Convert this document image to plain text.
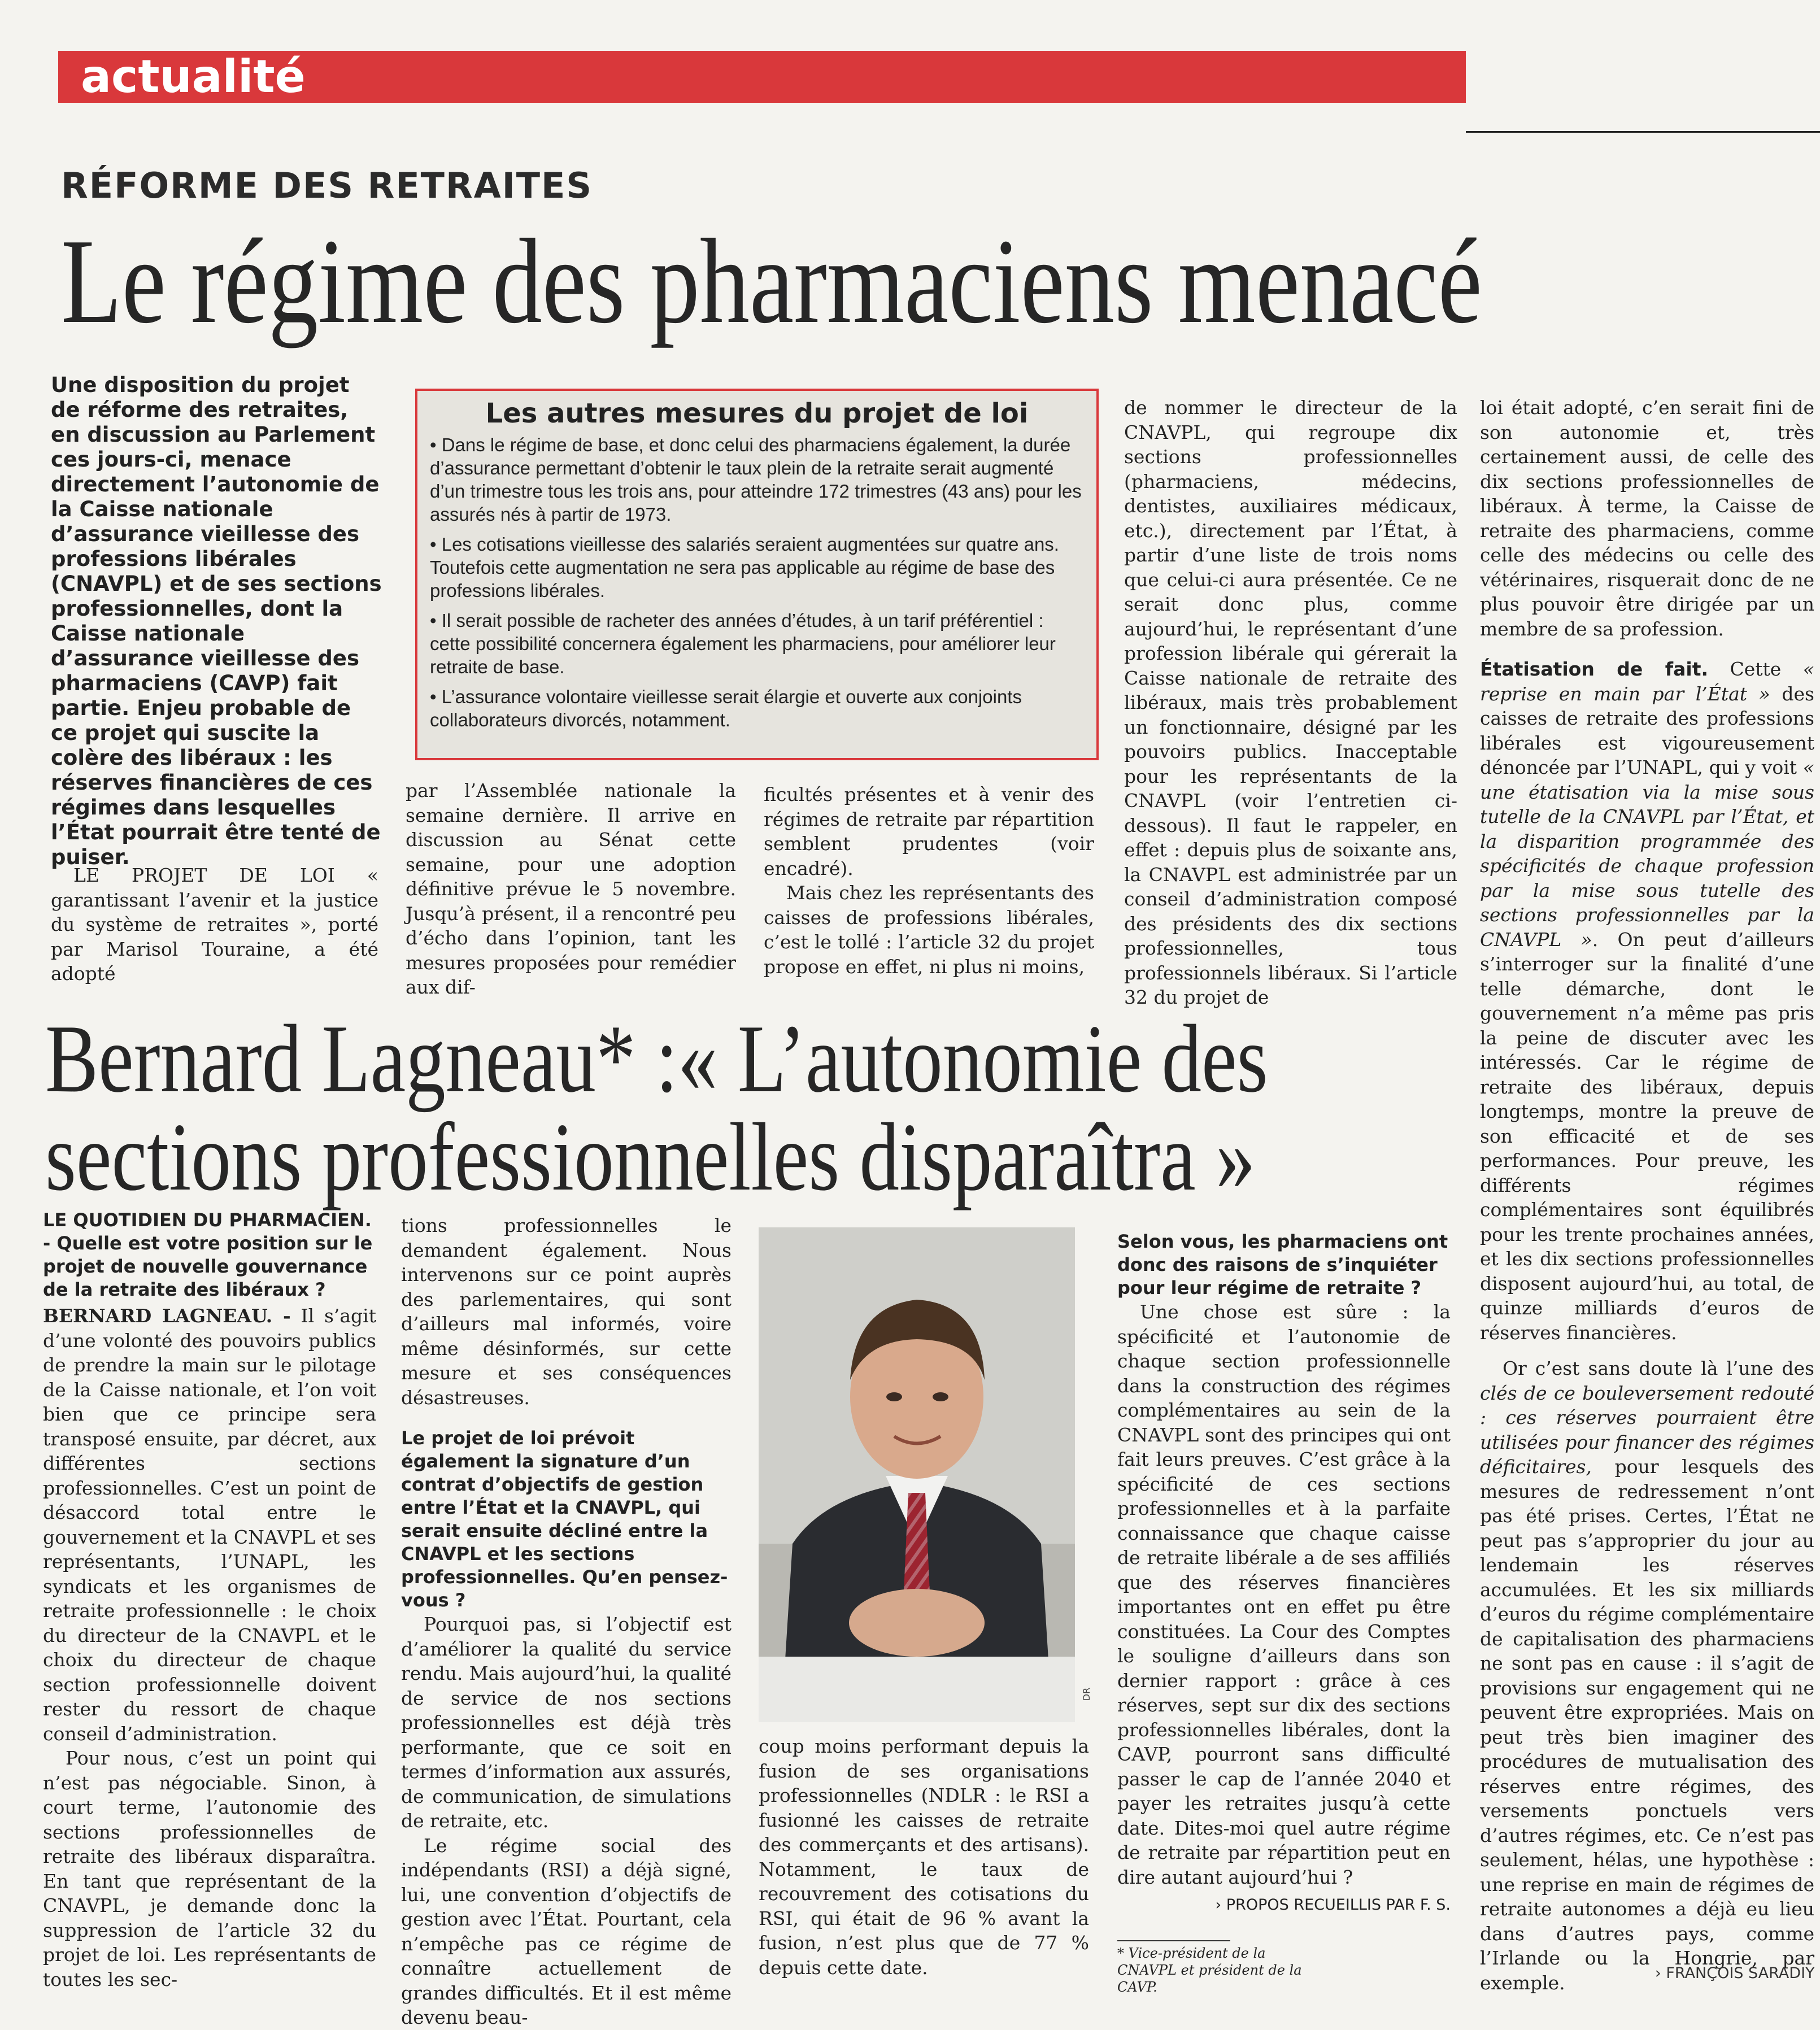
actualité
RÉFORME DES RETRAITES
Le régime des pharmaciens menacé
Une disposition du projet de réforme des retraites, en discussion au Parlement ces jours-ci, menace directement l’autonomie de la Caisse nationale d’assurance vieillesse des professions libérales (CNAVPL) et de ses sections professionnelles, dont la Caisse nationale d’assurance vieillesse des pharmaciens (CAVP) fait partie. Enjeu probable de ce projet qui suscite la colère des libéraux : les réserves financières de ces régimes dans lesquelles l’État pourrait être tenté de puiser.
Les autres mesures du projet de loi
• Dans le régime de base, et donc celui des pharmaciens également, la durée d’assurance permettant d’obtenir le taux plein de la retraite serait augmenté d’un trimestre tous les trois ans, pour atteindre 172 trimestres (43 ans) pour les assurés nés à partir de 1973.
• Les cotisations vieillesse des salariés seraient augmentées sur quatre ans. Toutefois cette augmentation ne sera pas applicable au régime de base des professions libérales.
• Il serait possible de racheter des années d’études, à un tarif préférentiel : cette possibilité concernera également les pharmaciens, pour améliorer leur retraite de base.
• L’assurance volontaire vieillesse serait élargie et ouverte aux conjoints collaborateurs divorcés, notamment.

LE PROJET DE LOI « garantissant l’avenir et la justice du système de retraites », porté par Marisol Touraine, a été adopté

par l’Assemblée nationale la semaine dernière. Il arrive en discussion au Sénat cette semaine, pour une adoption définitive prévue le 5 novembre. Jusqu’à présent, il a rencontré peu d’écho dans l’opinion, tant les mesures proposées pour remédier aux dif-

ficultés présentes et à venir des régimes de retraite par répartition semblent prudentes (voir encadré).

Mais chez les représentants des caisses de professions libérales, c’est le tollé : l’article 32 du projet propose en effet, ni plus ni moins,

de nommer le directeur de la CNAVPL, qui regroupe dix sections professionnelles (pharmaciens, médecins, dentistes, auxiliaires médicaux, etc.), directement par l’État, à partir d’une liste de trois noms que celui-ci aura présentée. Ce ne serait donc plus, comme aujourd’hui, le représentant d’une profession libérale qui gérerait la Caisse nationale de retraite des libéraux, mais très probablement un fonctionnaire, désigné par les pouvoirs publics. Inacceptable pour les représentants de la CNAVPL (voir l’entretien ci-dessous). Il faut le rappeler, en effet : depuis plus de soixante ans, la CNAVPL est administrée par un conseil d’administration composé des présidents des dix sections professionnelles, tous professionnels libéraux. Si l’article 32 du projet de

loi était adopté, c’en serait fini de son autonomie et, très certainement aussi, de celle des dix sections professionnelles de libéraux. À terme, la Caisse de retraite des pharmaciens, comme celle des médecins ou celle des vétérinaires, risquerait donc de ne plus pouvoir être dirigée par un membre de sa profession.

Étatisation de fait. Cette « reprise en main par l’État » des caisses de retraite des professions libérales est vigoureusement dénoncée par l’UNAPL, qui y voit « une étatisation via la mise sous tutelle de la CNAVPL par l’État, et la disparition programmée des spécificités de chaque profession par la mise sous tutelle des sections professionnelles par la CNAVPL ». On peut d’ailleurs s’interroger sur la finalité d’une telle démarche, dont le gouvernement n’a même pas pris la peine de discuter avec les intéressés. Car le régime de retraite des libéraux, depuis longtemps, montre la preuve de son efficacité et de ses performances. Pour preuve, les différents régimes complémentaires sont équilibrés pour les trente prochaines années, et les dix sections professionnelles disposent aujourd’hui, au total, de quinze milliards d’euros de réserves financières.

Or c’est sans doute là l’une des clés de ce bouleversement redouté : ces réserves pourraient être utilisées pour financer des régimes déficitaires, pour lesquels des mesures de redressement n’ont pas été prises. Certes, l’État ne peut pas s’approprier du jour au lendemain les réserves accumulées. Et les six milliards d’euros du régime complémentaire de capitalisation des pharmaciens ne sont pas en cause : il s’agit de provisions sur engagement qui ne peuvent être expropriées. Mais on peut très bien imaginer des procédures de mutualisation des réserves entre régimes, des versements ponctuels vers d’autres régimes, etc. Ce n’est pas seulement, hélas, une hypothèse : une reprise en main de régimes de retraite autonomes a déjà eu lieu dans d’autres pays, comme l’Irlande ou la Hongrie, par exemple.	› FRANÇOIS SARADIY
Bernard Lagneau* :« L’autonomie des sections professionnelles disparaîtra »

LE QUOTIDIEN DU PHARMACIEN. - Quelle est votre position sur le projet de nouvelle gouvernance de la retraite des libéraux ?

BERNARD LAGNEAU. - Il s’agit d’une volonté des pouvoirs publics de prendre la main sur le pilotage de la Caisse nationale, et l’on voit bien que ce principe sera transposé ensuite, par décret, aux différentes sections professionnelles. C’est un point de désaccord total entre le gouvernement et la CNAVPL et ses représentants, l’UNAPL, les syndicats et les organismes de retraite professionnelle : le choix du directeur de la CNAVPL et le choix du directeur de chaque section professionnelle doivent rester du ressort de chaque conseil d’administration.

Pour nous, c’est un point qui n’est pas négociable. Sinon, à court terme, l’autonomie des sections professionnelles de retraite des libéraux disparaîtra. En tant que représentant de la CNAVPL, je demande donc la suppression de l’article 32 du projet de loi. Les représentants de toutes les sec-

tions professionnelles le demandent également. Nous intervenons sur ce point auprès des parlementaires, qui sont d’ailleurs mal informés, voire même désinformés, sur cette mesure et ses conséquences désastreuses.

Le projet de loi prévoit également la signature d’un contrat d’objectifs de gestion entre l’État et la CNAVPL, qui serait ensuite décliné entre la CNAVPL et les sections professionnelles. Qu’en pensez-vous ?

Pourquoi pas, si l’objectif est d’améliorer la qualité du service rendu. Mais aujourd’hui, la qualité de service de nos sections professionnelles est déjà très performante, que ce soit en termes d’information aux assurés, de communication, de simulations de retraite, etc.

Le régime social des indépendants (RSI) a déjà signé, lui, une convention d’objectifs de gestion avec l’État. Pourtant, cela n’empêche pas ce régime de connaître actuellement de grandes difficultés. Et il est même devenu beau-

DR

coup moins performant depuis la fusion de ses organisations professionnelles (NDLR : le RSI a fusionné les caisses de retraite des commerçants et des artisans). Notamment, le taux de recouvrement des cotisations du RSI, qui était de 96 % avant la fusion, n’est plus que de 77 % depuis cette date.

Selon vous, les pharmaciens ont donc des raisons de s’inquiéter pour leur régime de retraite ?

Une chose est sûre : la spécificité et l’autonomie de chaque section professionnelle dans la construction des régimes complémentaires au sein de la CNAVPL sont des principes qui ont fait leurs preuves. C’est grâce à la spécificité de ces sections professionnelles et à la parfaite connaissance que chaque caisse de retraite libérale a de ses affiliés que des réserves financières importantes ont en effet pu être constituées. La Cour des Comptes le souligne d’ailleurs dans son dernier rapport : grâce à ces réserves, sept sur dix des sections professionnelles libérales, dont la CAVP, pourront sans difficulté passer le cap de l’année 2040 et payer les retraites jusqu’à cette date. Dites-moi quel autre régime de retraite par répartition peut en dire autant aujourd’hui ?

› PROPOS RECUEILLIS PAR F. S.

* Vice-président de la CNAVPL et président de la CAVP.
